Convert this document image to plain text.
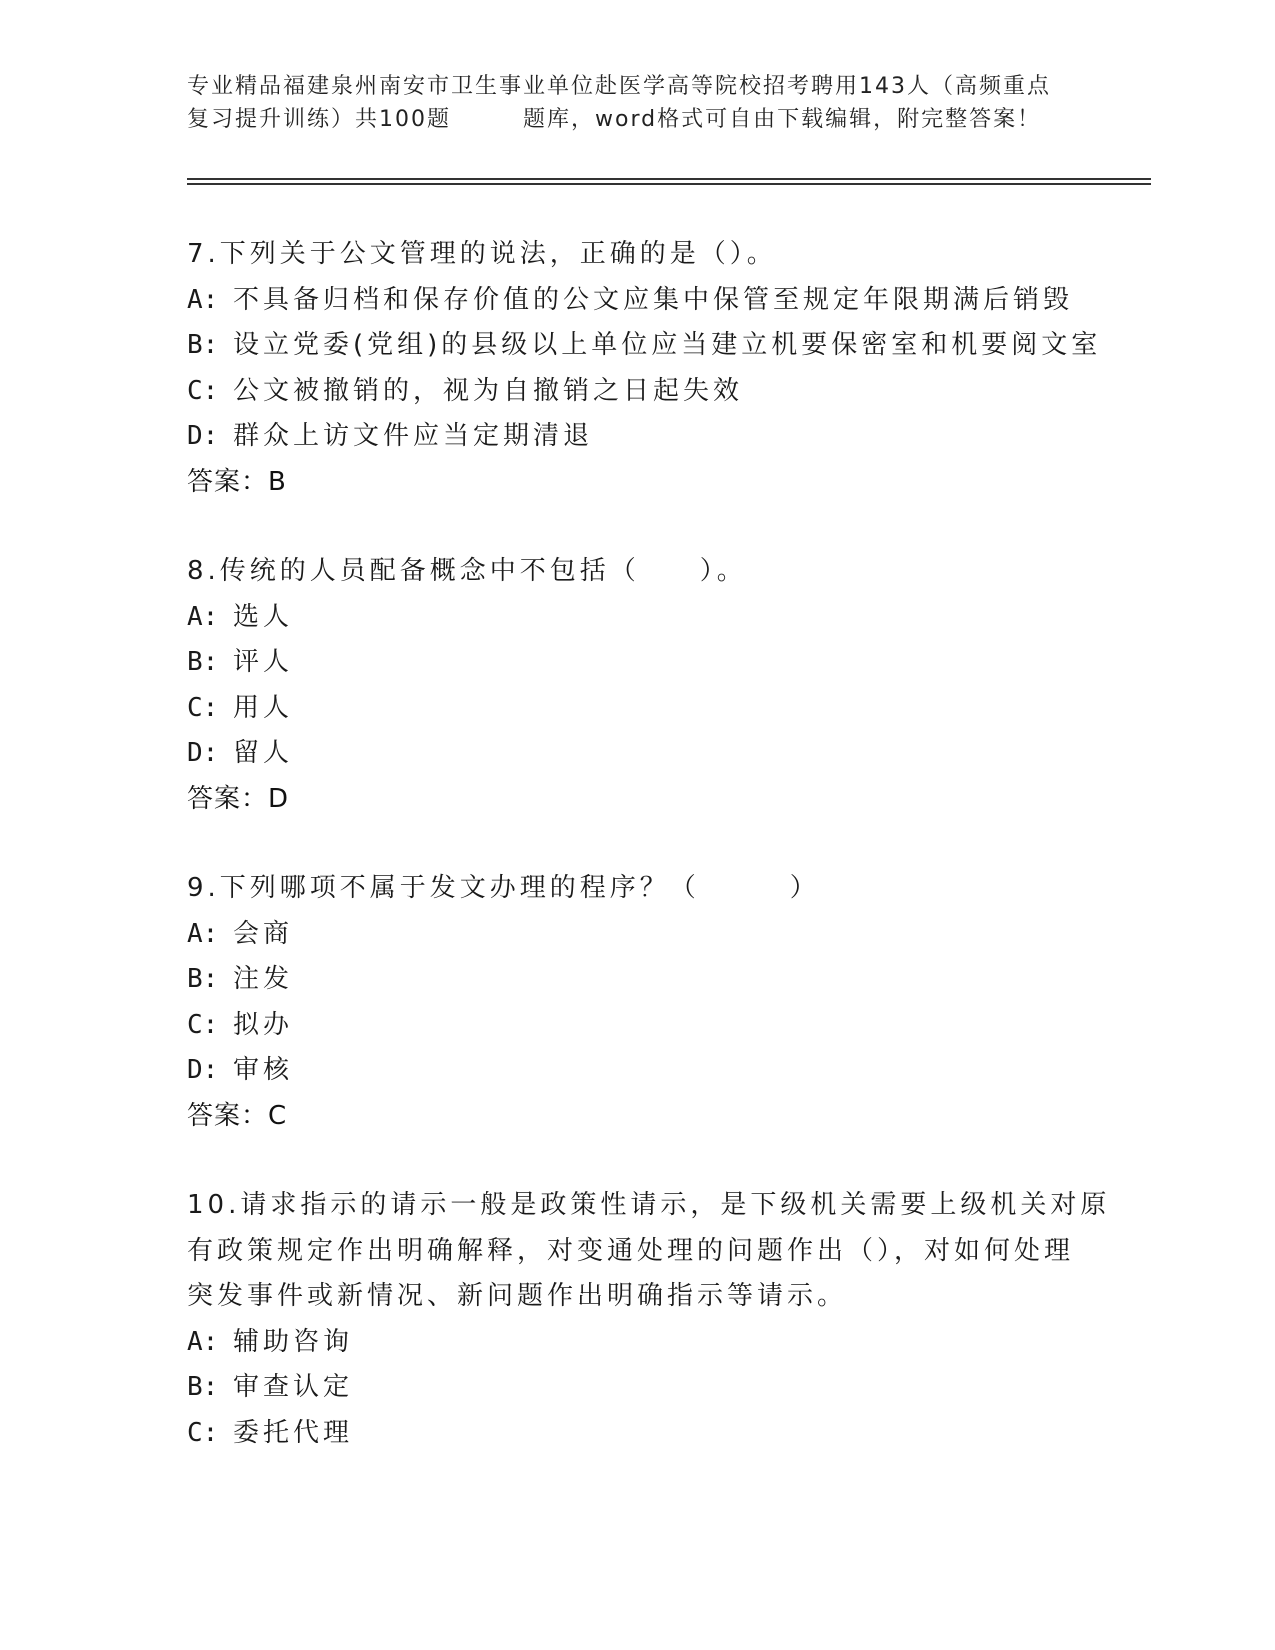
专业精品福建泉州南安市卫生事业单位赴医学高等院校招考聘用143人（高频重点
复习提升训练）共100题	题库，word格式可自由下载编辑，附完整答案！
7.下列关于公文管理的说法，正确的是（）。
A: 不具备归档和保存价值的公文应集中保管至规定年限期满后销毁
B: 设立党委(党组)的县级以上单位应当建立机要保密室和机要阅文室
C: 公文被撤销的，视为自撤销之日起失效
D: 群众上访文件应当定期清退
答案：B
8.传统的人员配备概念中不包括（　　）。
A: 选人
B: 评人
C: 用人
D: 留人
答案：D
9.下列哪项不属于发文办理的程序？（　　　）
A: 会商
B: 注发
C: 拟办
D: 审核
答案：C
10.请求指示的请示一般是政策性请示，是下级机关需要上级机关对原
有政策规定作出明确解释，对变通处理的问题作出（），对如何处理
突发事件或新情况、新问题作出明确指示等请示。
A: 辅助咨询
B: 审查认定
C: 委托代理
